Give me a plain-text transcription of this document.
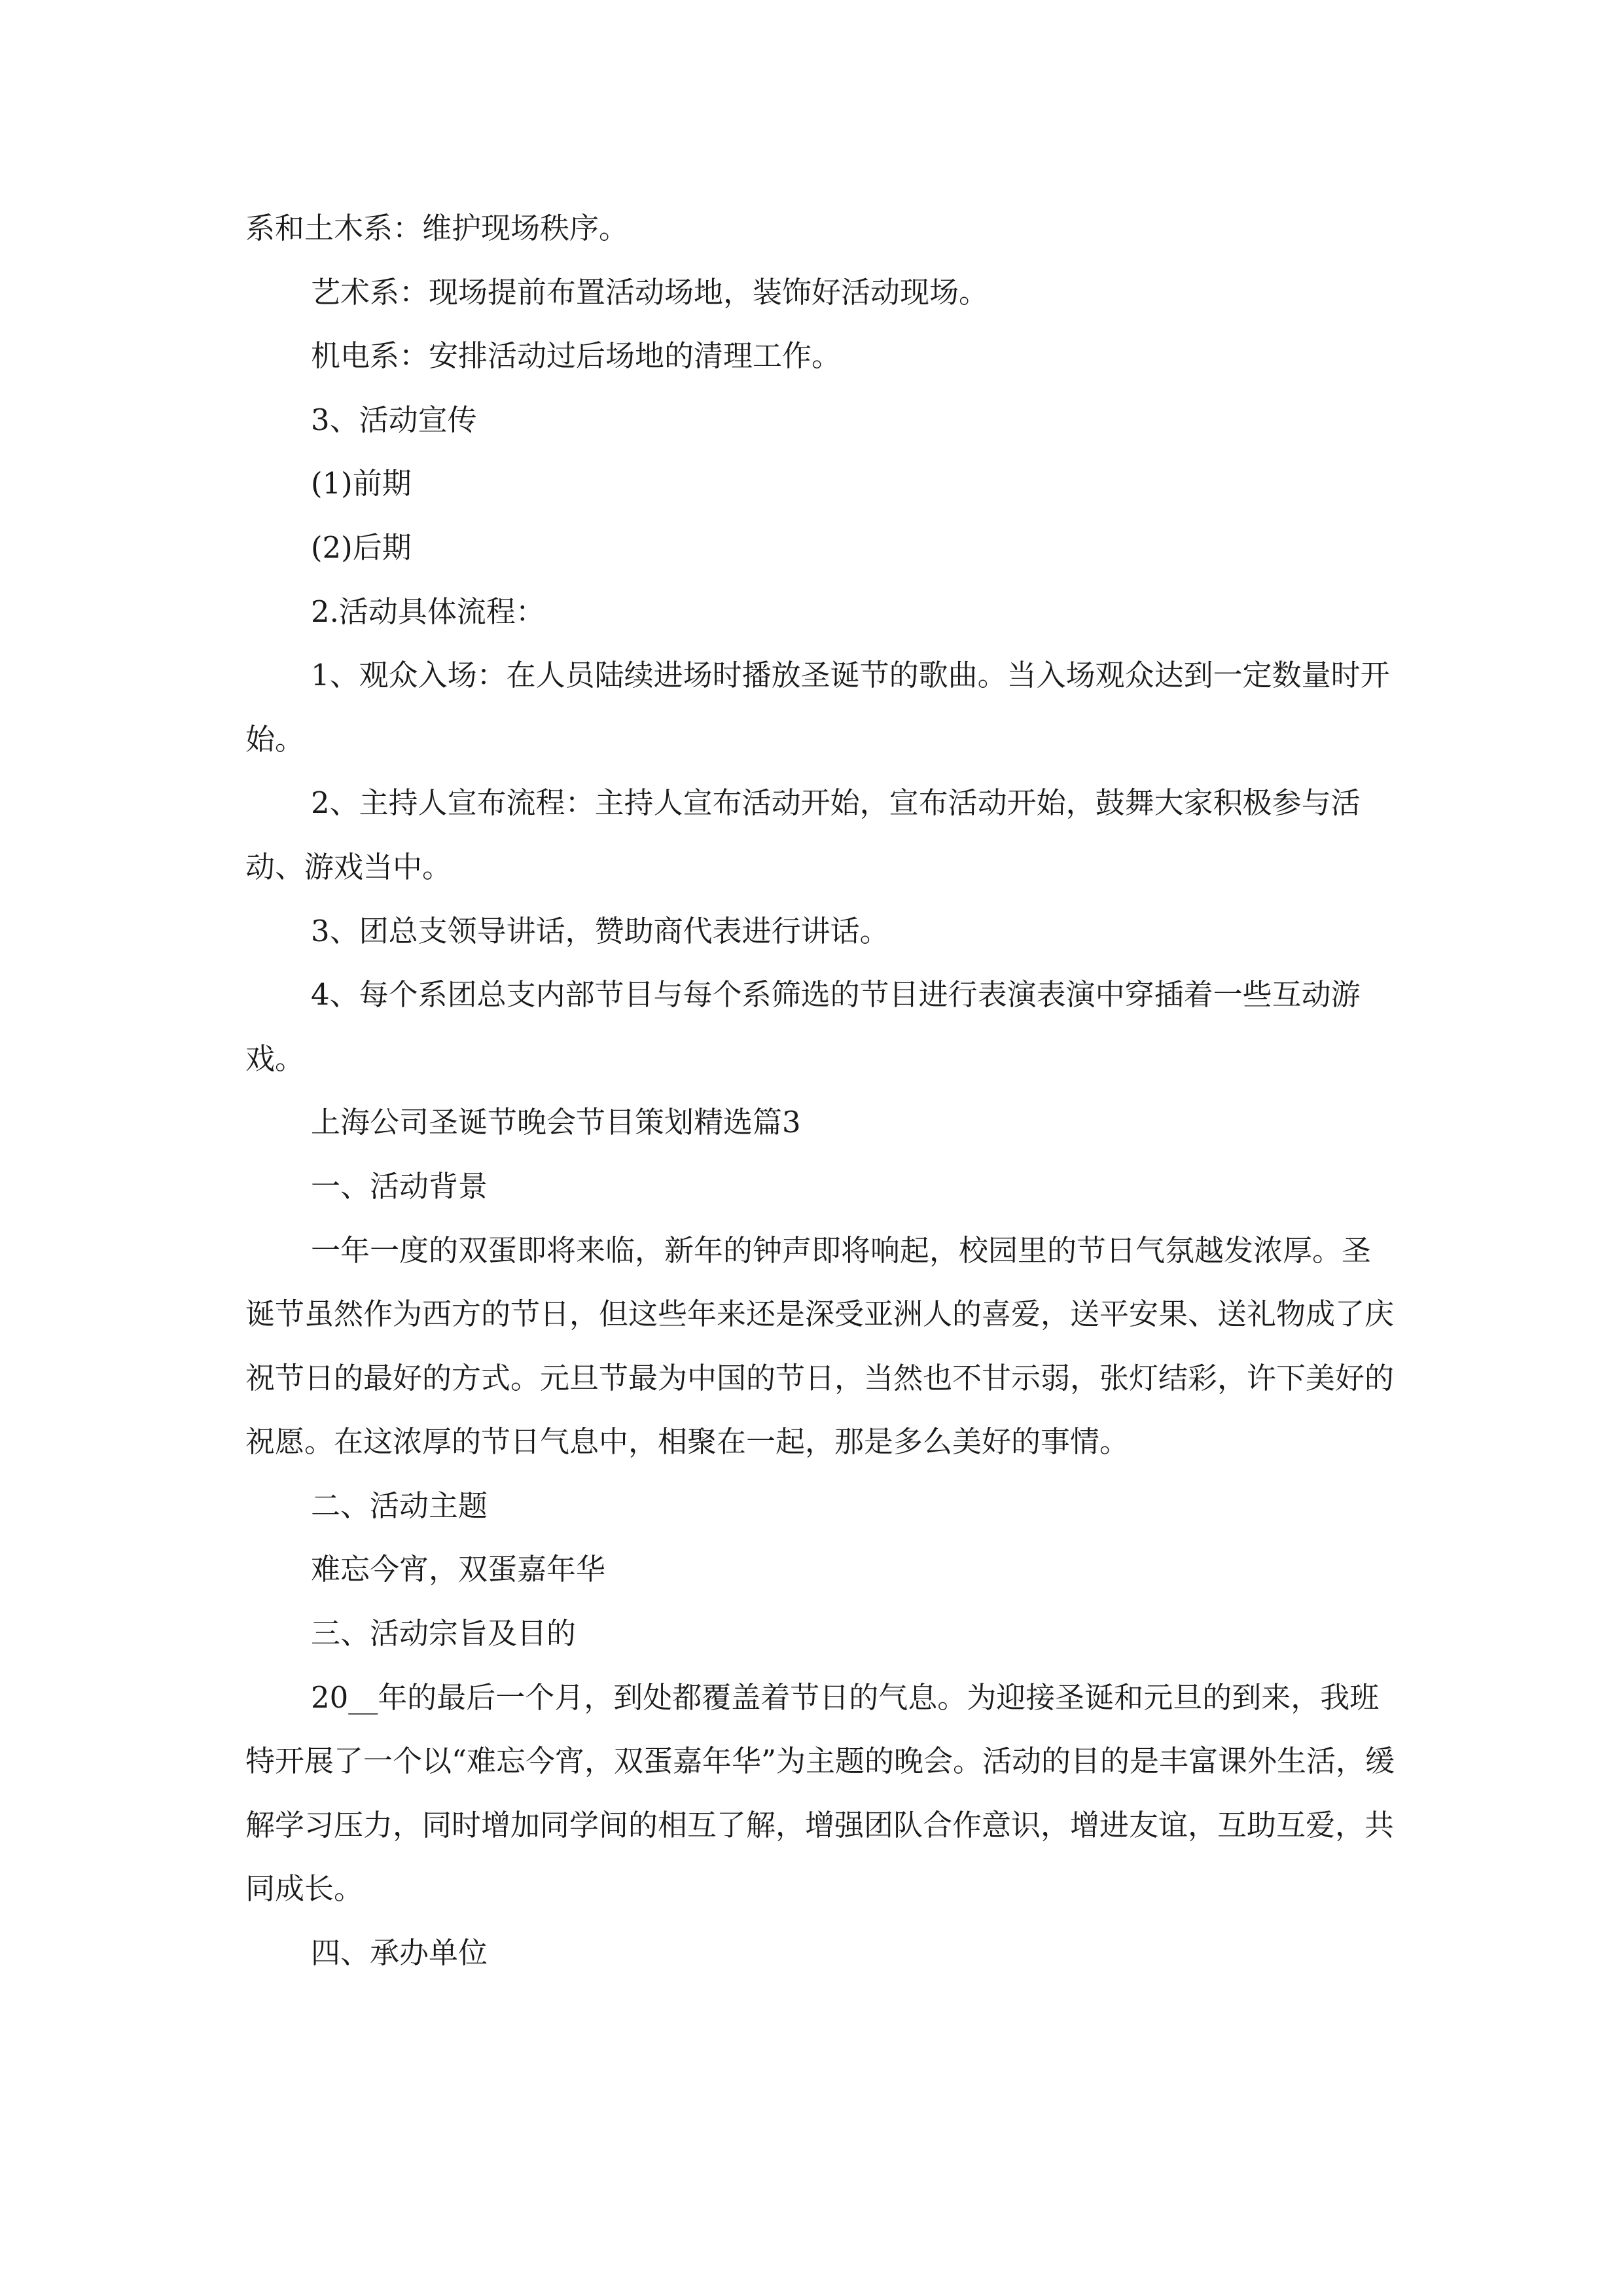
系和土木系：维护现场秩序。

艺术系：现场提前布置活动场地，装饰好活动现场。

机电系：安排活动过后场地的清理工作。

3、活动宣传

(1)前期

(2)后期

2.活动具体流程：

1、观众入场：在人员陆续进场时播放圣诞节的歌曲。当入场观众达到一定数量时开始。

2、主持人宣布流程：主持人宣布活动开始，宣布活动开始，鼓舞大家积极参与活动、游戏当中。

3、团总支领导讲话，赞助商代表进行讲话。

4、每个系团总支内部节目与每个系筛选的节目进行表演表演中穿插着一些互动游戏。

上海公司圣诞节晚会节目策划精选篇3

一、活动背景

一年一度的双蛋即将来临，新年的钟声即将响起，校园里的节日气氛越发浓厚。圣诞节虽然作为西方的节日，但这些年来还是深受亚洲人的喜爱，送平安果、送礼物成了庆祝节日的最好的方式。元旦节最为中国的节日，当然也不甘示弱，张灯结彩，许下美好的祝愿。在这浓厚的节日气息中，相聚在一起，那是多么美好的事情。

二、活动主题

难忘今宵，双蛋嘉年华

三、活动宗旨及目的

20__年的最后一个月，到处都覆盖着节日的气息。为迎接圣诞和元旦的到来，我班特开展了一个以“难忘今宵，双蛋嘉年华”为主题的晚会。活动的目的是丰富课外生活，缓解学习压力，同时增加同学间的相互了解，增强团队合作意识，增进友谊，互助互爱，共同成长。

四、承办单位
